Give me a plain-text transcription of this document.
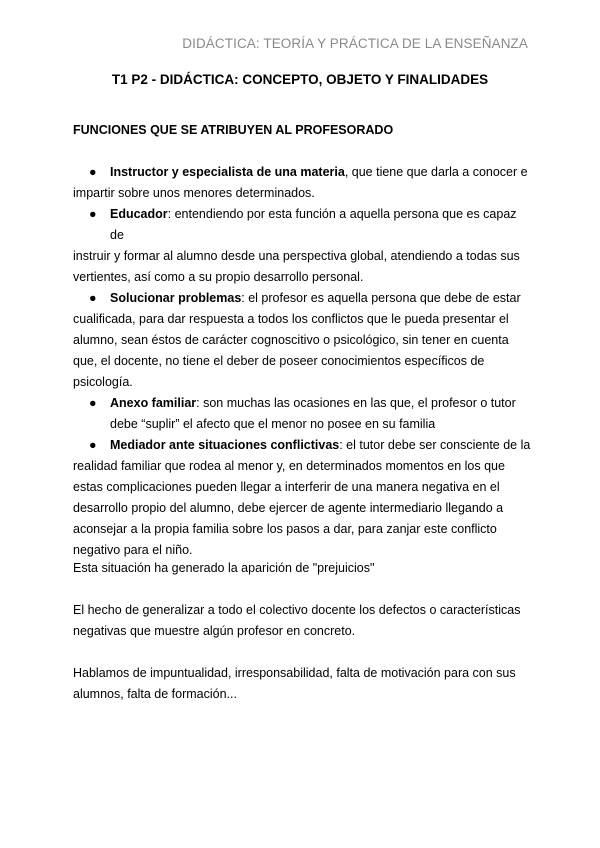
DIDÁCTICA: TEORÍA Y PRÁCTICA DE LA ENSEÑANZA
T1 P2 - DIDÁCTICA: CONCEPTO, OBJETO Y FINALIDADES
FUNCIONES QUE SE ATRIBUYEN AL PROFESORADO
●	Instructor y especialista de una materia, que tiene que darla a conocer e
impartir sobre unos menores determinados.
●	Educador: entendiendo por esta función a aquella persona que es capaz de
instruir y formar al alumno desde una perspectiva global, atendiendo a todas sus vertientes, así como a su propio desarrollo personal.
●	Solucionar problemas: el profesor es aquella persona que debe de estar
cualificada, para dar respuesta a todos los conflictos que le pueda presentar el alumno, sean éstos de carácter cognoscitivo o psicológico, sin tener en cuenta que, el docente, no tiene el deber de poseer conocimientos específicos de psicología.
●	Anexo familiar: son muchas las ocasiones en las que, el profesor o tutor
debe “suplir” el afecto que el menor no posee en su familia
●	Mediador ante situaciones conflictivas: el tutor debe ser consciente de la
realidad familiar que rodea al menor y, en determinados momentos en los que estas complicaciones pueden llegar a interferir de una manera negativa en el desarrollo propio del alumno, debe ejercer de agente intermediario llegando a aconsejar a la propia familia sobre los pasos a dar, para zanjar este conflicto negativo para el niño.

Esta situación ha generado la aparición de "prejuicios"

El hecho de generalizar a todo el colectivo docente los defectos o características negativas que muestre algún profesor en concreto.

Hablamos de impuntualidad, irresponsabilidad, falta de motivación para con sus alumnos, falta de formación...
